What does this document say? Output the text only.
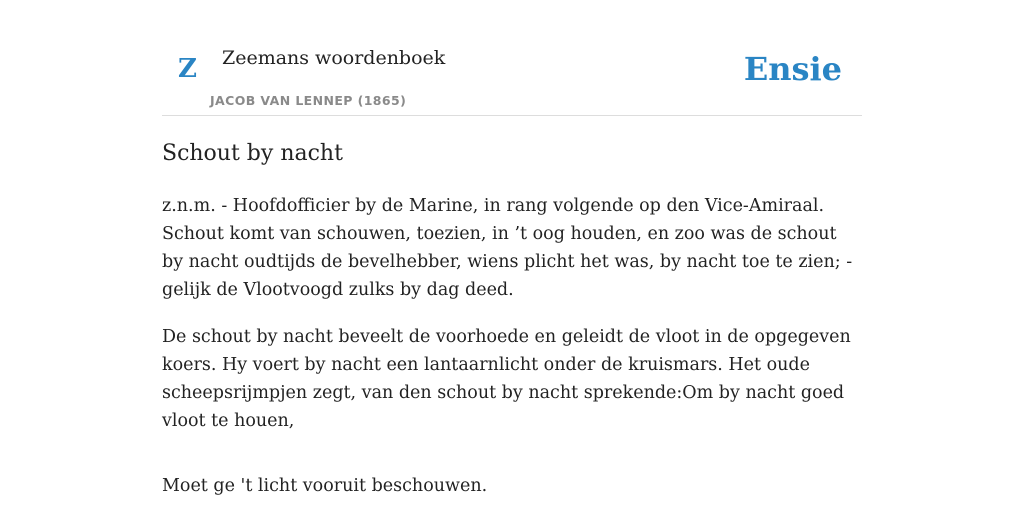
Z Zeemans woordenboek
JACOB VAN LENNEP (1865)
Ensie
Schout by nacht

z.n.m. - Hoofdofficier by de Marine, in rang volgende op den Vice-Amiraal. Schout komt van schouwen, toezien, in ’t oog houden, en zoo was de schout by nacht oudtijds de bevelhebber, wiens plicht het was, by nacht toe te zien; - gelijk de Vlootvoogd zulks by dag deed.

De schout by nacht beveelt de voorhoede en geleidt de vloot in de opgegeven koers. Hy voert by nacht een lantaarnlicht onder de kruismars. Het oude scheepsrijmpjen zegt, van den schout by nacht sprekende:Om by nacht goed vloot te houen,

Moet ge 't licht vooruit beschouwen.
